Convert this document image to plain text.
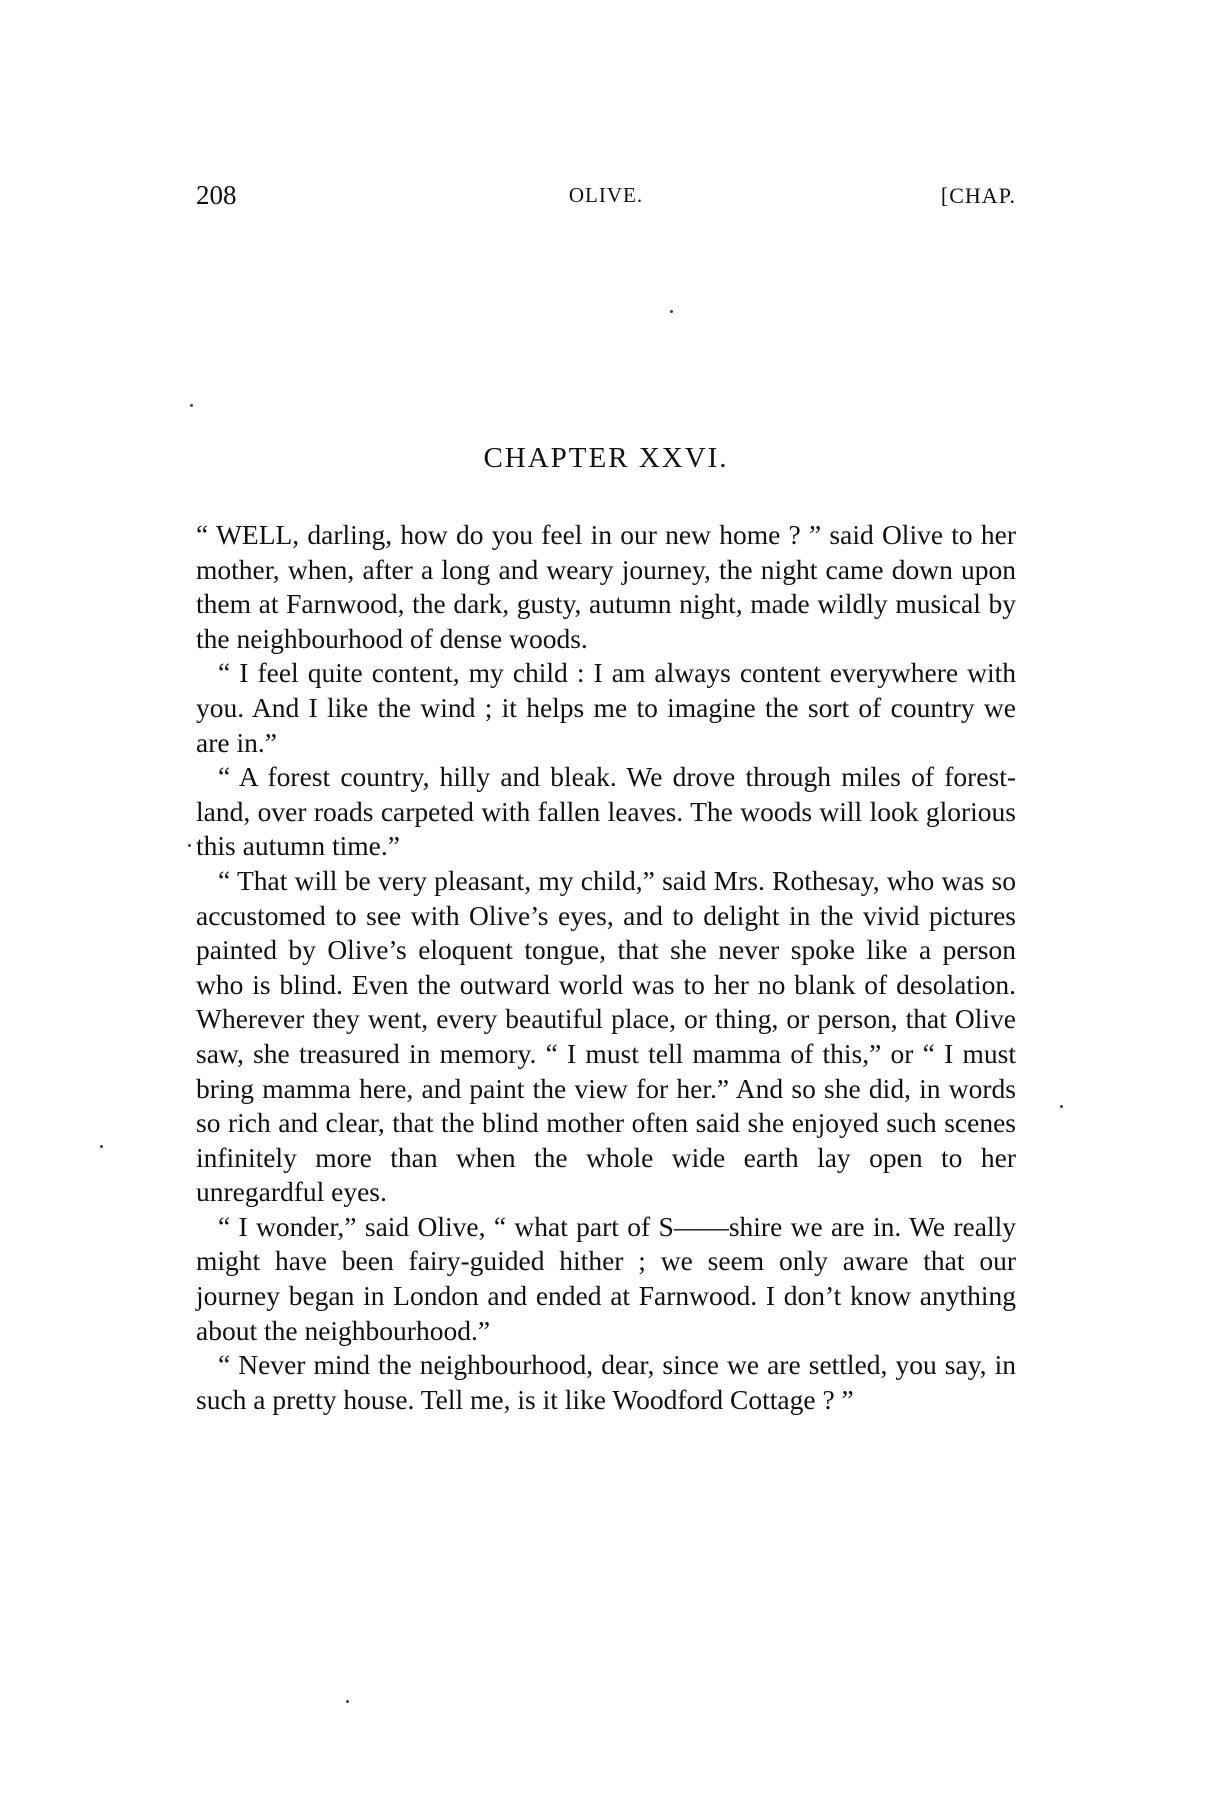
208	OLIVE.	[CHAP.
CHAPTER XXVI.

“ WELL, darling, how do you feel in our new home ? ” said Olive to her mother, when, after a long and weary journey, the night came down upon them at Farnwood, the dark, gusty, autumn night, made wildly musical by the neighbourhood of dense woods.

“ I feel quite content, my child : I am always content everywhere with you. And I like the wind ; it helps me to imagine the sort of country we are in.”

“ A forest country, hilly and bleak. We drove through miles of forest-land, over roads carpeted with fallen leaves. The woods will look glorious this autumn time.”

“ That will be very pleasant, my child,” said Mrs. Rothesay, who was so accustomed to see with Olive’s eyes, and to delight in the vivid pictures painted by Olive’s eloquent tongue, that she never spoke like a person who is blind. Even the outward world was to her no blank of desolation. Wherever they went, every beautiful place, or thing, or person, that Olive saw, she treasured in memory. “ I must tell mamma of this,” or “ I must bring mamma here, and paint the view for her.” And so she did, in words so rich and clear, that the blind mother often said she enjoyed such scenes infinitely more than when the whole wide earth lay open to her unregardful eyes.

“ I wonder,” said Olive, “ what part of S——shire we are in. We really might have been fairy-guided hither ; we seem only aware that our journey began in London and ended at Farnwood. I don’t know anything about the neighbourhood.”

“ Never mind the neighbourhood, dear, since we are settled, you say, in such a pretty house. Tell me, is it like Woodford Cottage ? ”
